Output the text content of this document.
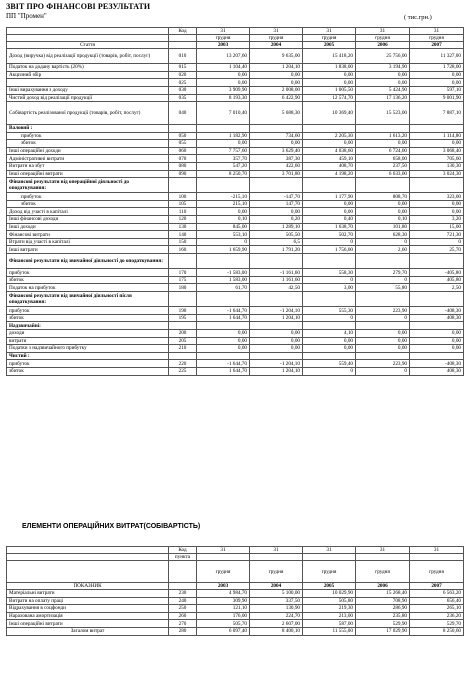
ЗВІТ ПРО ФІНАНСОВІ РЕЗУЛЬТАТИ
ПП "Промен"	( тис.грн.)
	Код	31	31	31	31	31
		грудня	грудня	грудня	грудня	грудня
Стаття		2003	2004	2005	2006	2007
Доход (виручка) від реалізації продукції (товарів, робіт, послуг)	010	13 207,60	9 635,00	15 418,20	25 756,00	11 327,00
Податок на додану вартість (20%)	015	1 104,40	1 204,10	1 838,00	3 194,90	1 728,00
Акцизний збір	020	0,00	0,00	0,00	0,00	0,00
	025	0,00	0,00	0,00	0,00	0,00
Інші вирахування з доходу	030	3 909,90	2 008,00	1 005,50	5 424,90	597,10
Чистий доход від реалізації продукції	035	8 193,30	6 422,90	12 574,70	17 136,20	9 001,90
Собівартість реалізованої продукції (товарів, робіт, послуг)	040	7 010,40	5 688,30	10 369,40	15 523,00	7 887,10
Валовий :						
прибуток	050	1 182,90	734,60	2 205,30	1 613,20	1 114,80
збиток	055	0,00	0,00	0,00	0,00	0,00
Інші операційні доходи	060	7 757,60	3 629,40	4 038,60	6 724,00	3 068,40
Адміністративні витрати	070	357,70	387,30	459,10	658,00	705,60
Витрати на збут	080	547,20	422,60	408,70	237,50	130,30
Інші операційні витрати	090	8 250,70	3 701,80	4 198,20	6 633,00	3 024,30
Фінансові результати від операційної діяльності до оподаткування:						
прибуток	100	-215,10	-147,70	1 177,90	808,70	323,00
збиток	105	215,10	147,70	0,00	0,00	0,00
Доход від участі в капіталі	110	0,00	0,00	0,00	0,00	0,00
Інші фінансові доходи	120	0,10	0,20	0,40	0,10	3,20
Інші доходи	130	845,00	1 289,10	1 638,70	101,80	15,00
Фінансові витрати	140	553,10	505,50	502,70	628,30	721,30
Втрати від участі в капіталі	150	0	6,5	0	0	0
Інші витрати	160	1 659,90	1 791,20	1 756,00	2,60	25,70
Фінансові результати від звичайної діяльності до оподаткування:						
прибуток	170	-1 583,00	-1 161,60	558,30	279,70	-405,80
збиток	175	1 583,00	1 161,60	0	0	405,80
Податок на прибуток	180	61,70	42,50	3,00	55,80	2,50
Фінансові результати від звичайної діяльності після оподаткування:						
прибуток	190	-1 644,70	-1 204,10	555,30	223,90	-408,30
збиток	195	1 644,70	1 204,10	0	0	408,30
Надзвичайні:						
доходи	200	0,00	0,00	4,10	0,00	0,00
витрати	205	0,00	0,00	0,00	0,00	0,00
Податки з надзвичайного прибутку	210	0,00	0,00	0,00	0,00	0,00
Чистий :						
прибуток	220	-1 644,70	-1 204,10	559,40	223,90	-408,30
збиток	225	1 644,70	1 204,10	0	0	408,30
ЕЛЕМЕНТИ ОПЕРАЦІЙНИХ ВИТРАТ(СОБІВАРТІСТЬ)
	Код	31	31	31	31	31
	пункта					
		грудня	грудня	грудня	грудня	грудня
ПОКАЗНИК		2003	2004	2005	2006	2007
Матеріальні витрати	230	4 984,70	5 100,00	10 029,90	15 268,40	6 563,20
Витрати на оплату праці	240	309,90	337,50	505,80	708,90	656,40
Відрахування в соцфонди	250	121,10	130,90	219,30	286,90	265,10
Нарахована амортизація	260	176,00	224,70	213,00	235,80	236,20
Інші операційні витрати	270	505,70	2 607,00	587,00	529,90	529,70
Загалом витрат	280	6 097,40	8 400,10	11 555,00	17 029,90	8 250,60
